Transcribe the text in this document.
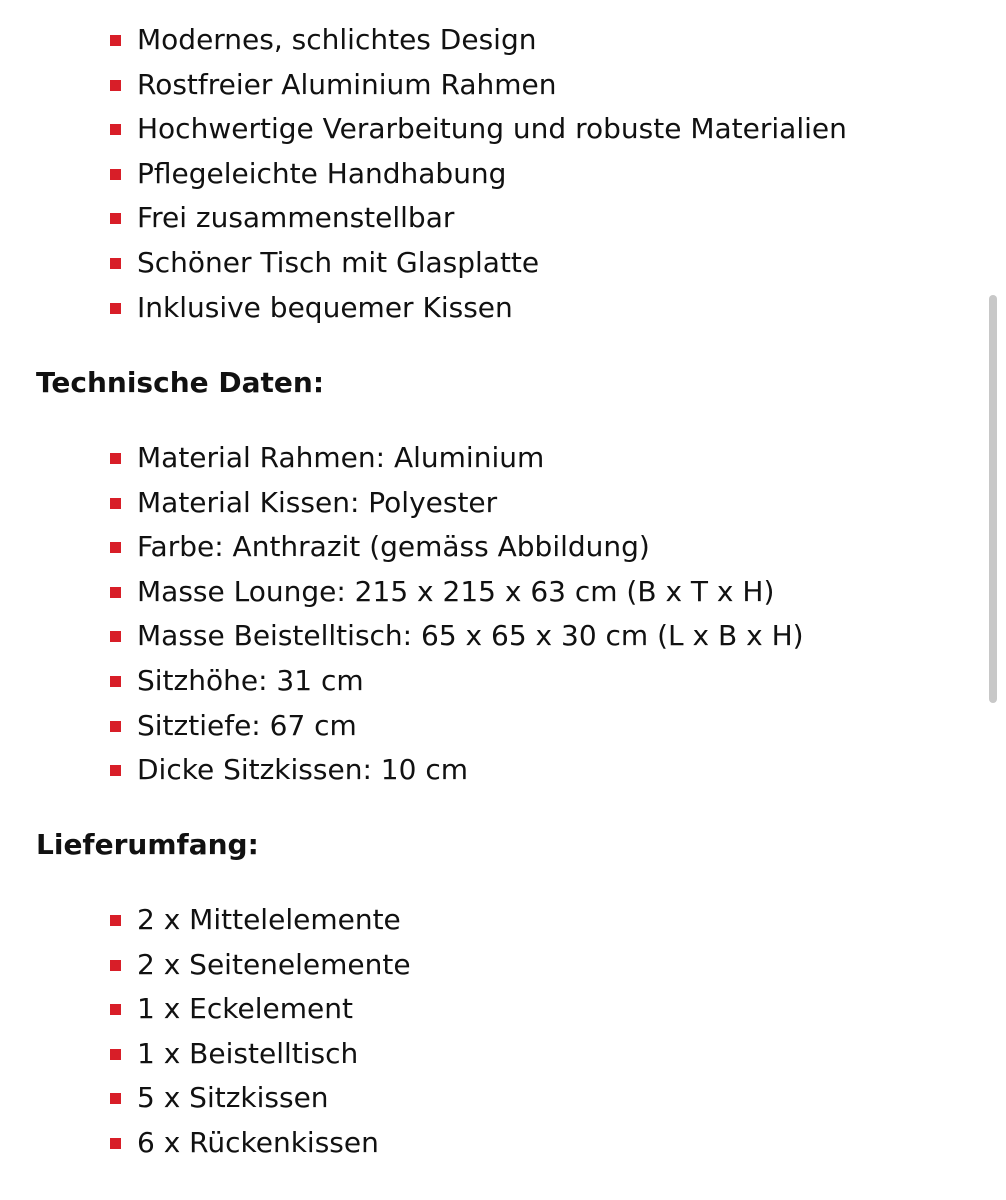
Modernes, schlichtes Design
Rostfreier Aluminium Rahmen
Hochwertige Verarbeitung und robuste Materialien
Pflegeleichte Handhabung
Frei zusammenstellbar
Schöner Tisch mit Glasplatte
Inklusive bequemer Kissen
Technische Daten:
Material Rahmen: Aluminium
Material Kissen: Polyester
Farbe: Anthrazit (gemäss Abbildung)
Masse Lounge: 215 x 215 x 63 cm (B x T x H)
Masse Beistelltisch: 65 x 65 x 30 cm (L x B x H)
Sitzhöhe: 31 cm
Sitztiefe: 67 cm
Dicke Sitzkissen: 10 cm
Lieferumfang:
2 x Mittelelemente
2 x Seitenelemente
1 x Eckelement
1 x Beistelltisch
5 x Sitzkissen
6 x Rückenkissen
